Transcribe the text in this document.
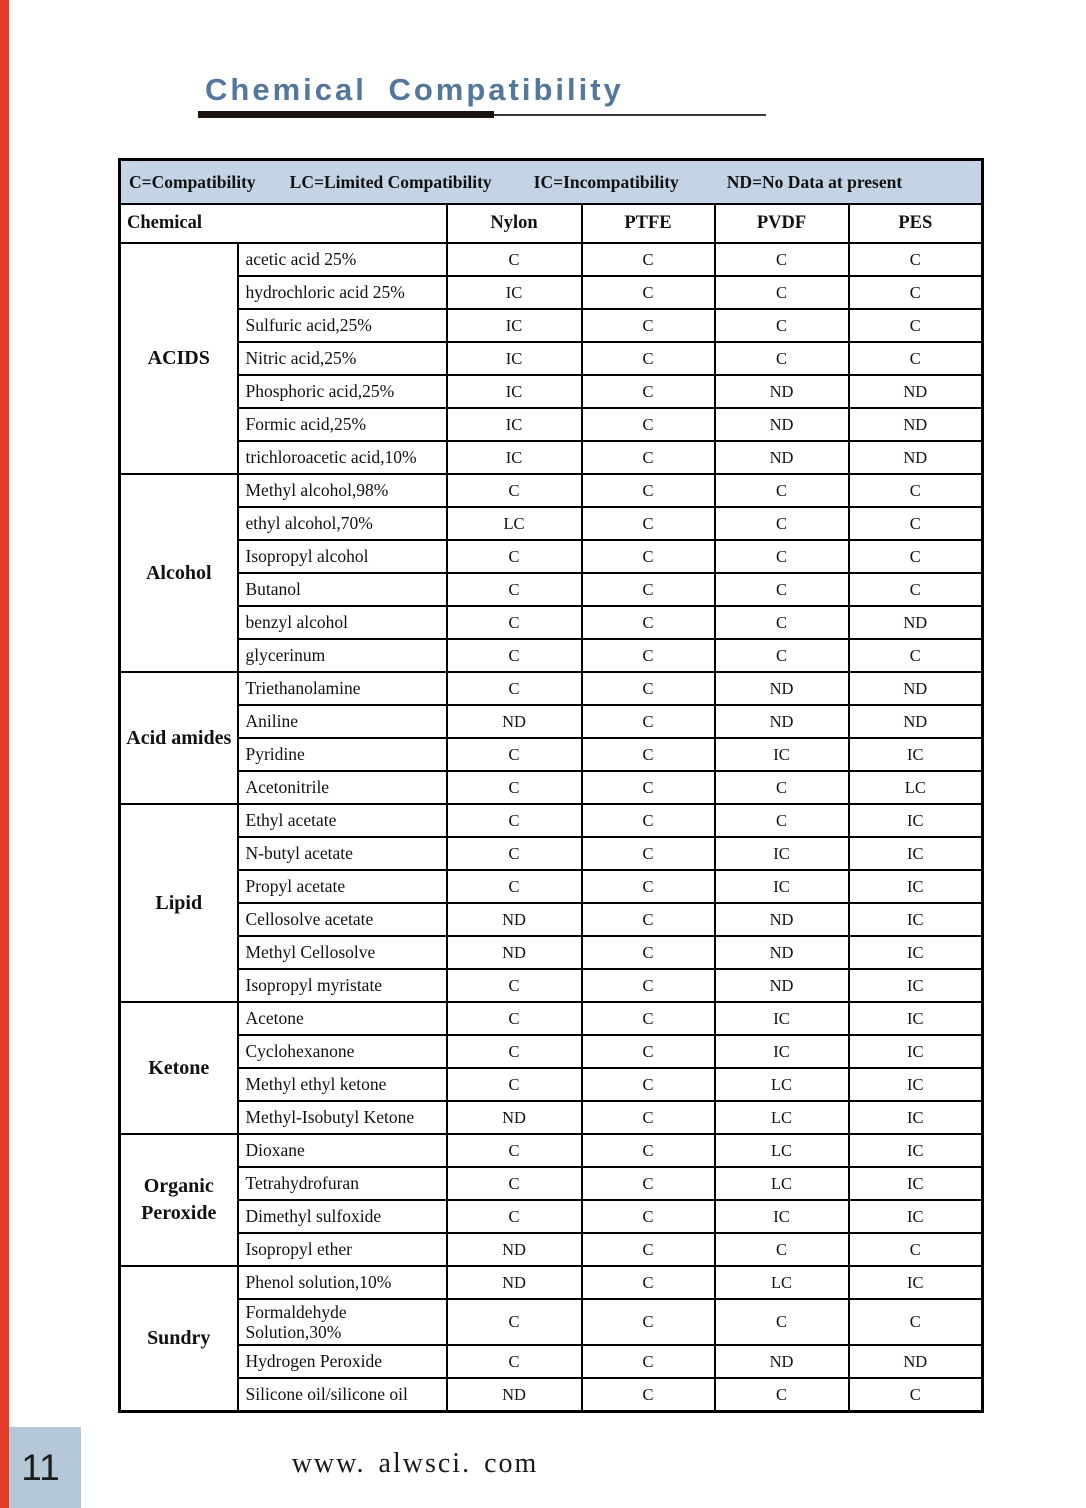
Chemical Compatibility
C=Compatibility LC=Limited Compatibility IC=Incompatibility ND=No Data at present					

Chemical		Nylon	PTFE	PVDF	PES
ACIDS	acetic acid 25%	C	C	C	C
	hydrochloric acid 25%	IC	C	C	C
	Sulfuric acid,25%	IC	C	C	C
	Nitric acid,25%	IC	C	C	C
	Phosphoric acid,25%	IC	C	ND	ND
	Formic acid,25%	IC	C	ND	ND
	trichloroacetic acid,10%	IC	C	ND	ND
Alcohol	Methyl alcohol,98%	C	C	C	C
	ethyl alcohol,70%	LC	C	C	C
	Isopropyl alcohol	C	C	C	C
	Butanol	C	C	C	C
	benzyl alcohol	C	C	C	ND
	glycerinum	C	C	C	C
Acid amides	Triethanolamine	C	C	ND	ND
	Aniline	ND	C	ND	ND
	Pyridine	C	C	IC	IC
	Acetonitrile	C	C	C	LC
Lipid	Ethyl acetate	C	C	C	IC
	N-butyl acetate	C	C	IC	IC
	Propyl acetate	C	C	IC	IC
	Cellosolve acetate	ND	C	ND	IC
	Methyl Cellosolve	ND	C	ND	IC
	Isopropyl myristate	C	C	ND	IC
Ketone	Acetone	C	C	IC	IC
	Cyclohexanone	C	C	IC	IC
	Methyl ethyl ketone	C	C	LC	IC
	Methyl-Isobutyl Ketone	ND	C	LC	IC
Organic Peroxide	Dioxane	C	C	LC	IC
	Tetrahydrofuran	C	C	LC	IC
	Dimethyl sulfoxide	C	C	IC	IC
	Isopropyl ether	ND	C	C	C
Sundry	Phenol solution,10%	ND	C	LC	IC
	Formaldehyde Solution,30%	C	C	C	C
	Hydrogen Peroxide	C	C	ND	ND
	Silicone oil/silicone oil	ND	C	C	C
www. alwsci. com
11
